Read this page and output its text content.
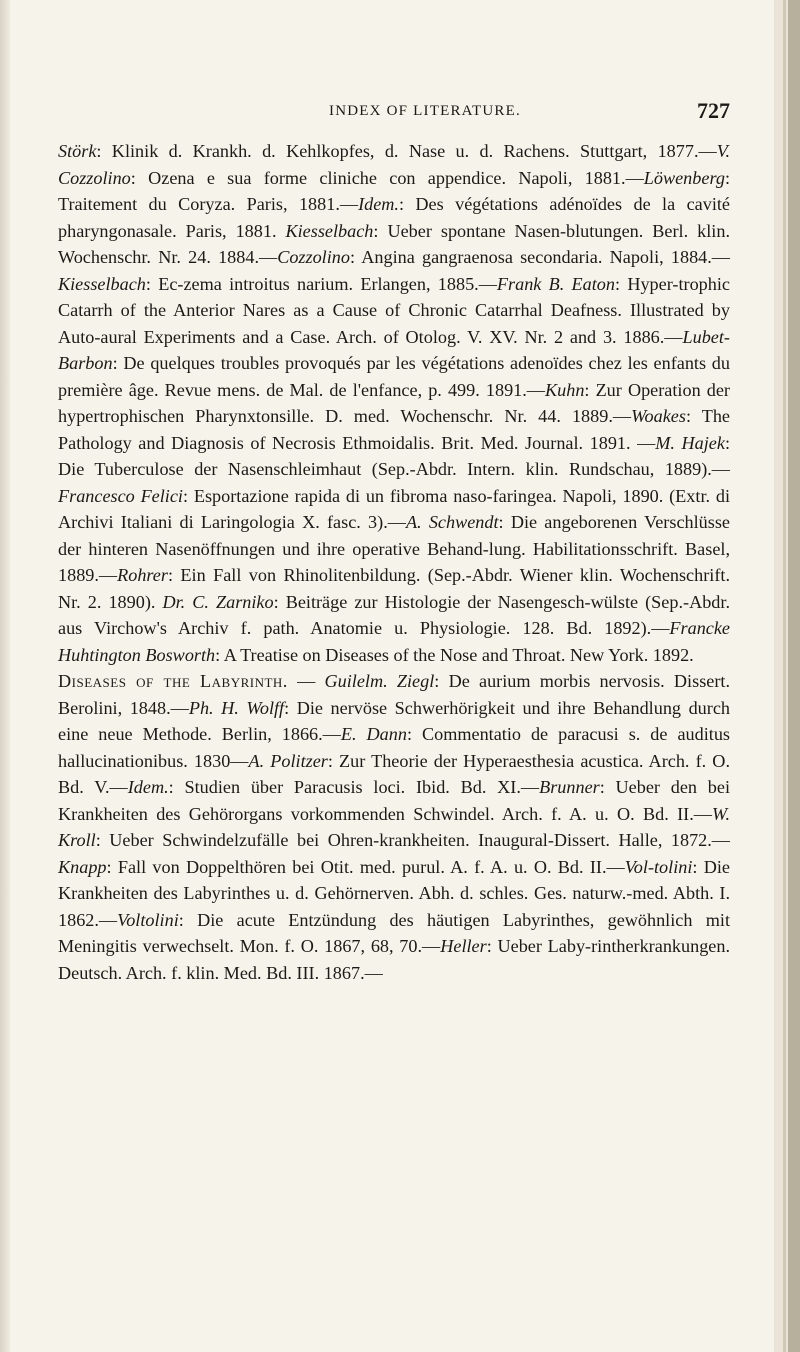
INDEX OF LITERATURE.	727

Störk: Klinik d. Krankh. d. Kehlkopfes, d. Nase u. d. Rachens. Stuttgart, 1877.—V. Cozzolino: Ozena e sua forme cliniche con appendice. Napoli, 1881.—Löwenberg: Traitement du Coryza. Paris, 1881.—Idem.: Des végétations adénoïdes de la cavité pharyngonasale. Paris, 1881. Kiesselbach: Ueber spontane Nasen-blutungen. Berl. klin. Wochenschr. Nr. 24. 1884.—Cozzolino: Angina gangraenosa secondaria. Napoli, 1884.—Kiesselbach: Ec-zema introitus narium. Erlangen, 1885.—Frank B. Eaton: Hyper-trophic Catarrh of the Anterior Nares as a Cause of Chronic Catarrhal Deafness. Illustrated by Auto-aural Experiments and a Case. Arch. of Otolog. V. XV. Nr. 2 and 3. 1886.—Lubet-Barbon: De quelques troubles provoqués par les végétations adenoïdes chez les enfants du première âge. Revue mens. de Mal. de l'enfance, p. 499. 1891.—Kuhn: Zur Operation der hypertrophischen Pharynxtonsille. D. med. Wochenschr. Nr. 44. 1889.—Woakes: The Pathology and Diagnosis of Necrosis Ethmoidalis. Brit. Med. Journal. 1891. —M. Hajek: Die Tuberculose der Nasenschleimhaut (Sep.-Abdr. Intern. klin. Rundschau, 1889).—Francesco Felici: Esportazione rapida di un fibroma naso-faringea. Napoli, 1890. (Extr. di Archivi Italiani di Laringologia X. fasc. 3).—A. Schwendt: Die angeborenen Verschlüsse der hinteren Nasenöffnungen und ihre operative Behand-lung. Habilitationsschrift. Basel, 1889.—Rohrer: Ein Fall von Rhinolitenbildung. (Sep.-Abdr. Wiener klin. Wochenschrift. Nr. 2. 1890). Dr. C. Zarniko: Beiträge zur Histologie der Nasengesch-wülste (Sep.-Abdr. aus Virchow's Archiv f. path. Anatomie u. Physiologie. 128. Bd. 1892).—Francke Huhtington Bosworth: A Treatise on Diseases of the Nose and Throat. New York. 1892.

Diseases of the Labyrinth. — Guilelm. Ziegl: De aurium morbis nervosis. Dissert. Berolini, 1848.—Ph. H. Wolff: Die nervöse Schwerhörigkeit und ihre Behandlung durch eine neue Methode. Berlin, 1866.—E. Dann: Commentatio de paracusi s. de auditus hallucinationibus. 1830—A. Politzer: Zur Theorie der Hyperaesthesia acustica. Arch. f. O. Bd. V.—Idem.: Studien über Paracusis loci. Ibid. Bd. XI.—Brunner: Ueber den bei Krankheiten des Gehörorgans vorkommenden Schwindel. Arch. f. A. u. O. Bd. II.—W. Kroll: Ueber Schwindelzufälle bei Ohren-krankheiten. Inaugural-Dissert. Halle, 1872.—Knapp: Fall von Doppelthören bei Otit. med. purul. A. f. A. u. O. Bd. II.—Vol-tolini: Die Krankheiten des Labyrinthes u. d. Gehörnerven. Abh. d. schles. Ges. naturw.-med. Abth. I. 1862.—Voltolini: Die acute Entzündung des häutigen Labyrinthes, gewöhnlich mit Meningitis verwechselt. Mon. f. O. 1867, 68, 70.—Heller: Ueber Laby-rintherkrankungen. Deutsch. Arch. f. klin. Med. Bd. III. 1867.—
